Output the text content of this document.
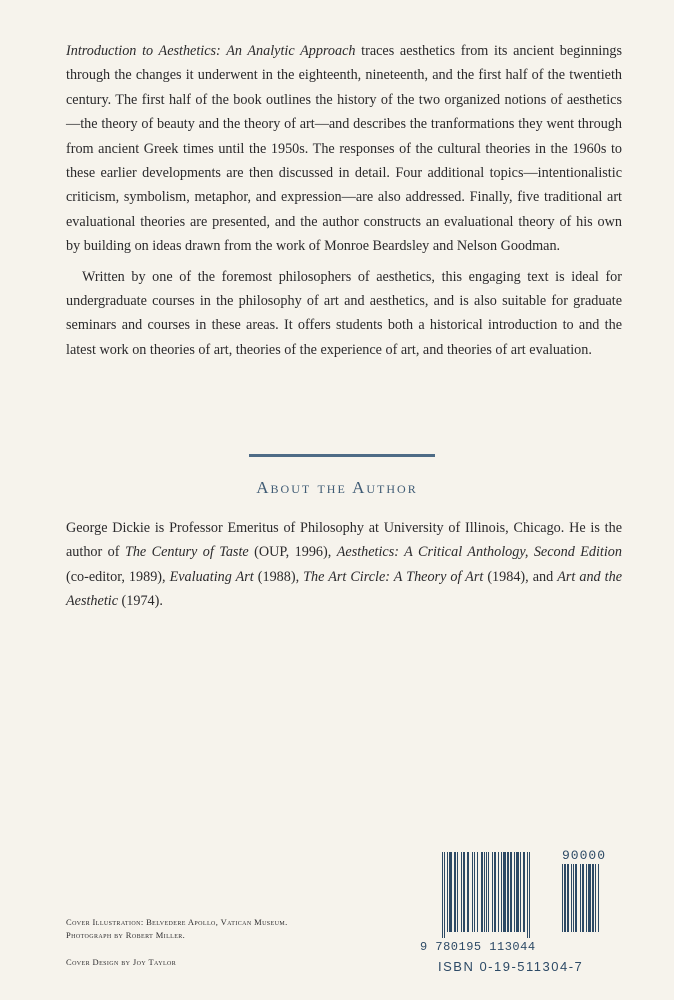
Introduction to Aesthetics: An Analytic Approach traces aesthetics from its ancient beginnings through the changes it underwent in the eighteenth, nineteenth, and the first half of the twentieth century. The first half of the book outlines the history of the two organized notions of aesthetics—the theory of beauty and the theory of art—and describes the tranformations they went through from ancient Greek times until the 1950s. The responses of the cultural theories in the 1960s to these earlier developments are then discussed in detail. Four additional topics—intentionalistic criticism, symbolism, metaphor, and expression—are also addressed. Finally, five traditional art evaluational theories are presented, and the author constructs an evaluational theory of his own by building on ideas drawn from the work of Monroe Beardsley and Nelson Goodman.

Written by one of the foremost philosophers of aesthetics, this engaging text is ideal for undergraduate courses in the philosophy of art and aesthetics, and is also suitable for graduate seminars and courses in these areas. It offers students both a historical introduction to and the latest work on theories of art, theories of the experience of art, and theories of art evaluation.

About the Author

George Dickie is Professor Emeritus of Philosophy at University of Illinois, Chicago. He is the author of The Century of Taste (OUP, 1996), Aesthetics: A Critical Anthology, Second Edition (co-editor, 1989), Evaluating Art (1988), The Art Circle: A Theory of Art (1984), and Art and the Aesthetic (1974).

Cover Illustration: Belvedere Apollo, Vatican Museum.
Photograph by Robert Miller.
Cover Design by Joy Taylor
90000
9 780195 113044
ISBN 0-19-511304-7
